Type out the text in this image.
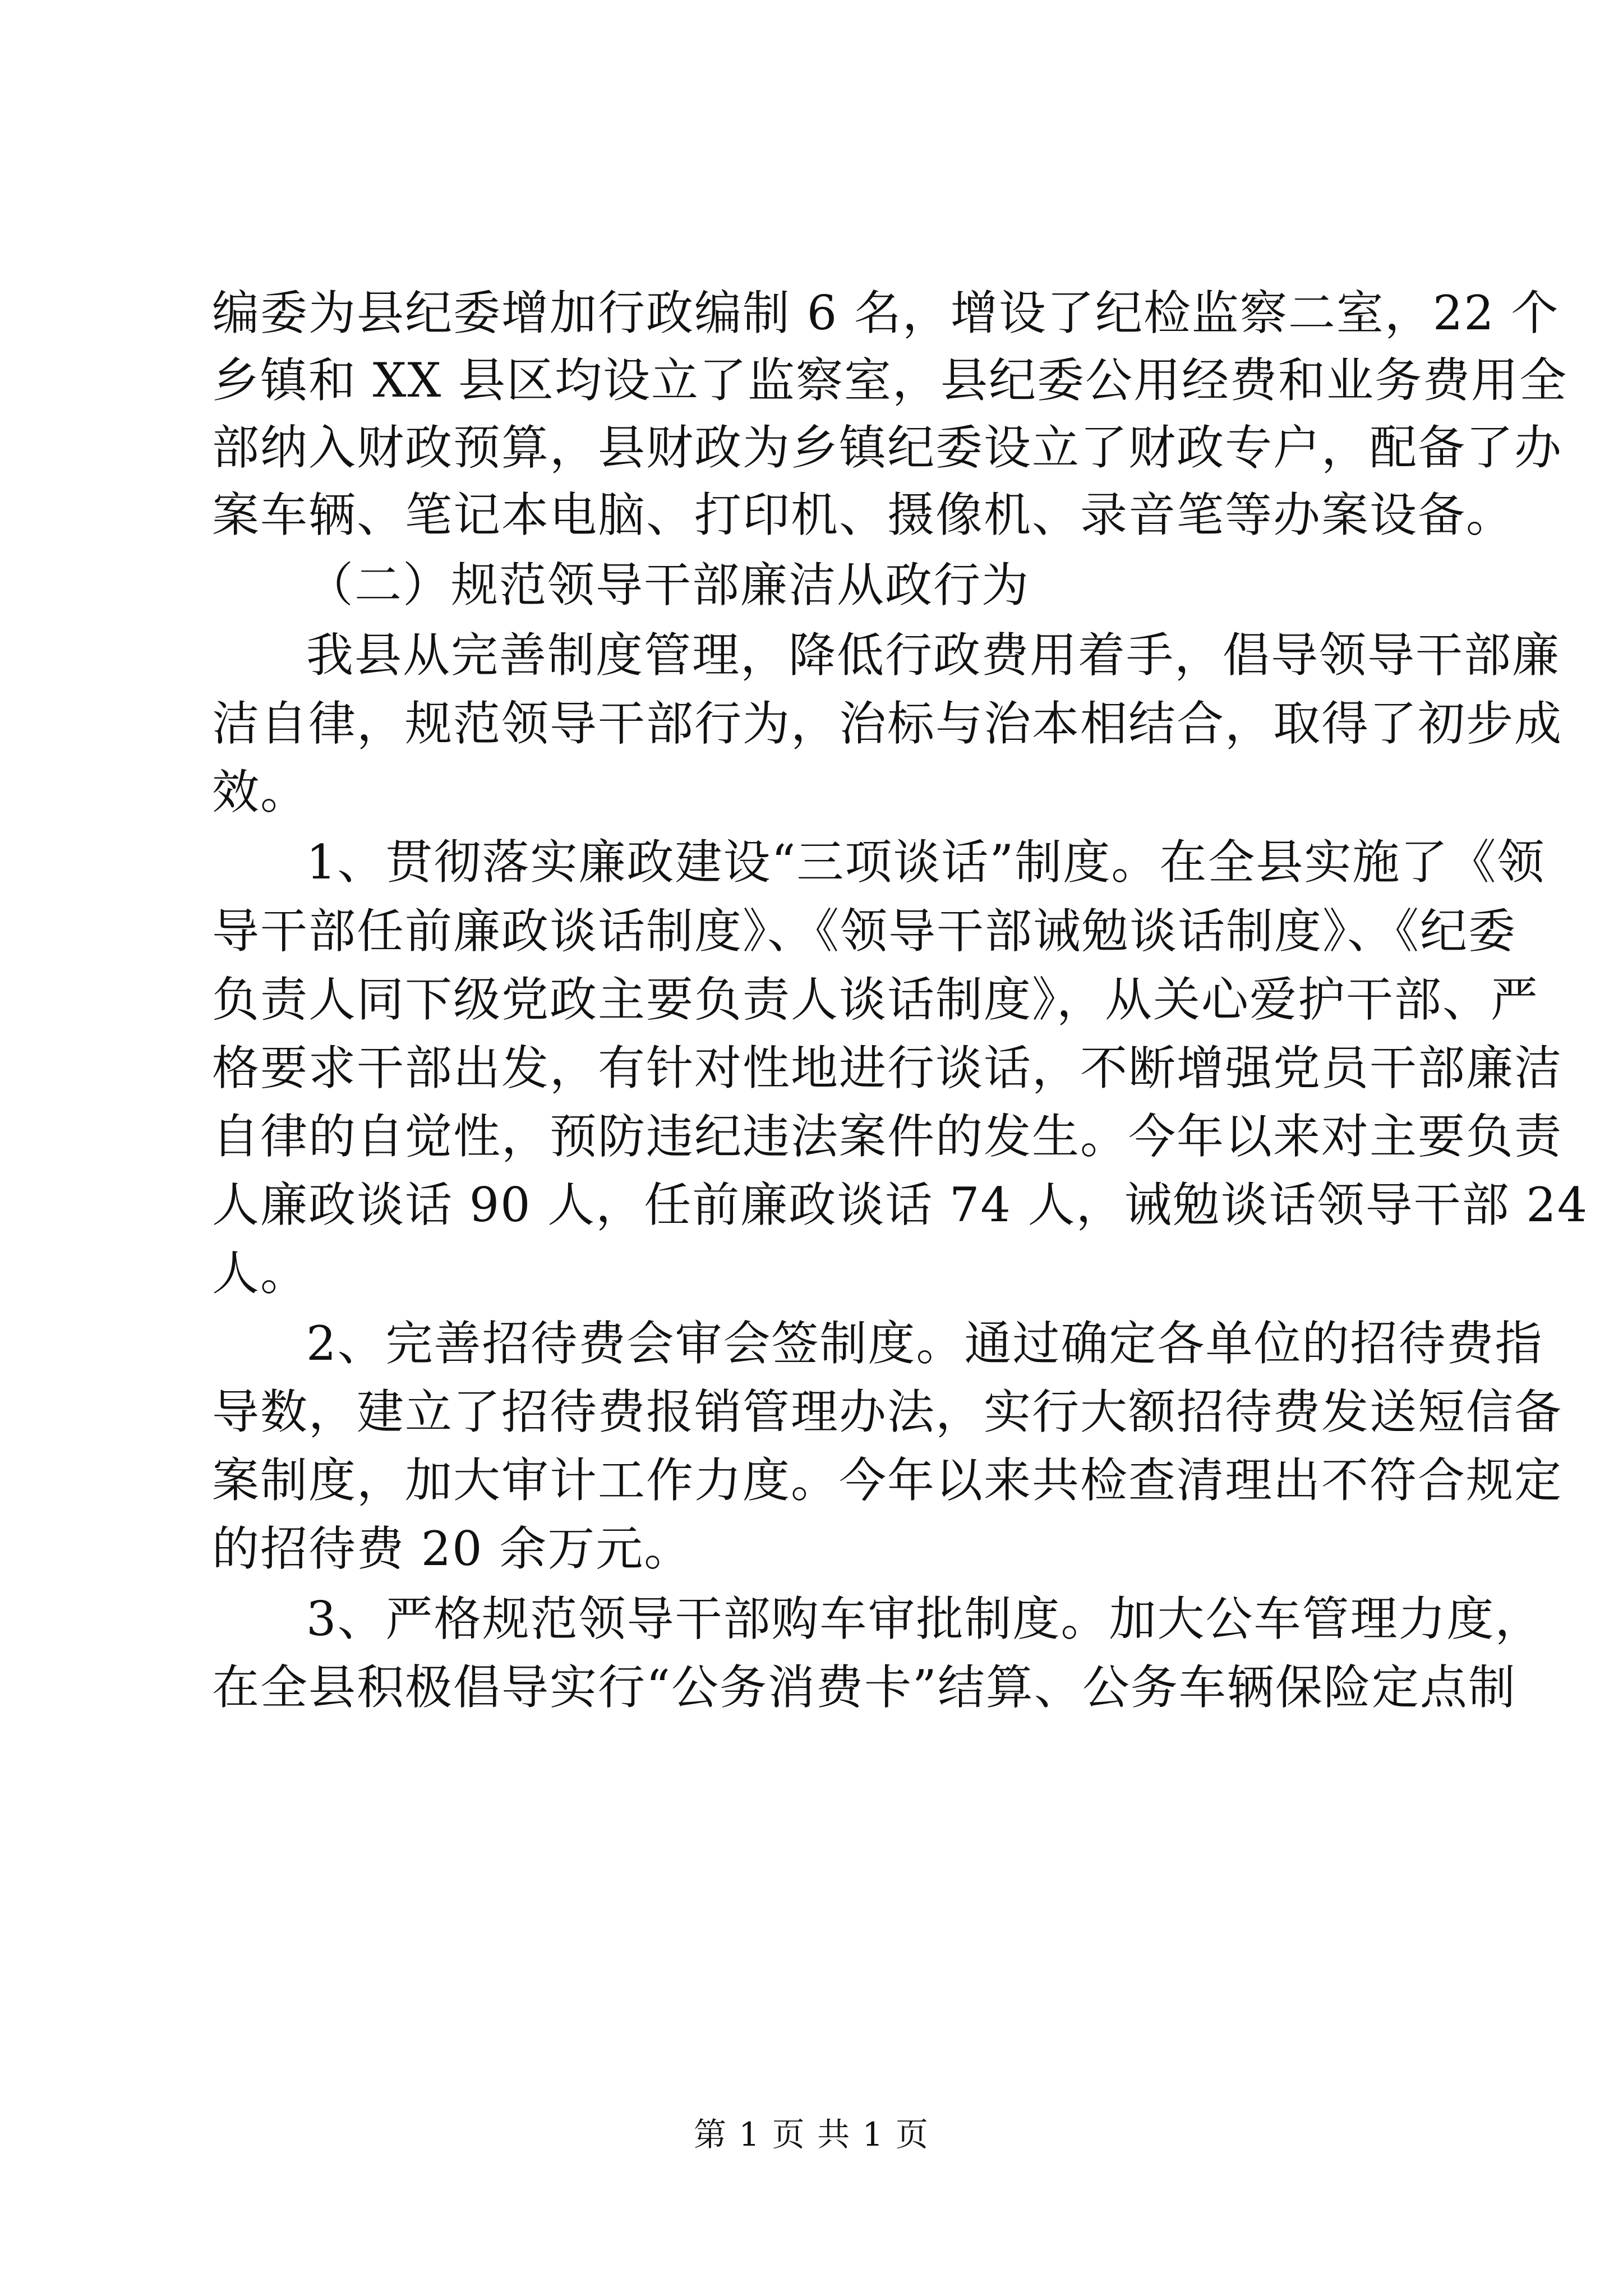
编委为县纪委增加行政编制 6 名，增设了纪检监察二室，22 个

乡镇和 XX 县区均设立了监察室，县纪委公用经费和业务费用全

部纳入财政预算，县财政为乡镇纪委设立了财政专户，配备了办

案车辆、笔记本电脑、打印机、摄像机、录音笔等办案设备。

（二）规范领导干部廉洁从政行为

我县从完善制度管理，降低行政费用着手，倡导领导干部廉

洁自律，规范领导干部行为，治标与治本相结合，取得了初步成

效。

1、贯彻落实廉政建设“三项谈话”制度。在全县实施了《领

导干部任前廉政谈话制度》、《领导干部诫勉谈话制度》、《纪委

负责人同下级党政主要负责人谈话制度》，从关心爱护干部、严

格要求干部出发，有针对性地进行谈话，不断增强党员干部廉洁

自律的自觉性，预防违纪违法案件的发生。今年以来对主要负责

人廉政谈话 90 人，任前廉政谈话 74 人，诫勉谈话领导干部 24

人。

2、完善招待费会审会签制度。通过确定各单位的招待费指

导数，建立了招待费报销管理办法，实行大额招待费发送短信备

案制度，加大审计工作力度。今年以来共检查清理出不符合规定

的招待费 20 余万元。

3、严格规范领导干部购车审批制度。加大公车管理力度，

在全县积极倡导实行“公务消费卡”结算、公务车辆保险定点制

第 1 页 共 1 页
